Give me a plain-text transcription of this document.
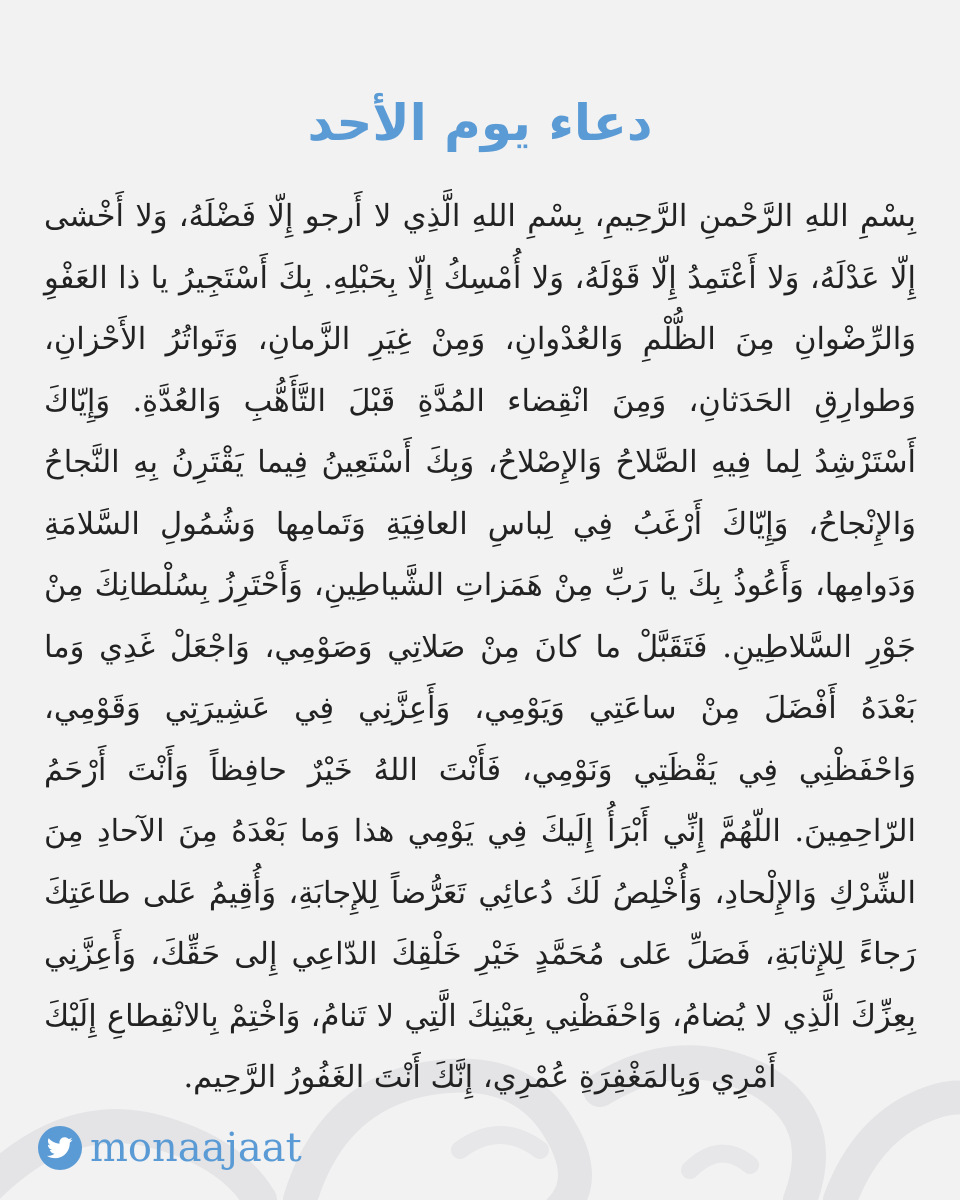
دعاء يوم الأحد

بِسْمِ اللهِ الرَّحْمنِ الرَّحِيمِ، بِسْمِ اللهِ الَّذِي لا أَرجو إِلّا فَضْلَهُ، وَلا أَخْشى إِلّا عَدْلَهُ، وَلا أَعْتَمِدُ إِلّا قَوْلَهُ، وَلا أُمْسِكُ إِلّا بِحَبْلِهِ. بِكَ أَسْتَجِيرُ يا ذا العَفْوِ وَالرِّضْوانِ مِنَ الظُّلْمِ وَالعُدْوانِ، وَمِنْ غِيَرِ الزَّمانِ، وَتَواتُرُ الأَحْزانِ، وَطوارِقِ الحَدَثانِ، وَمِنَ انْقِضاء المُدَّةِ قَبْلَ التَّأَهُّبِ وَالعُدَّةِ. وَإِيّاكَ أَسْتَرْشِدُ لِما فِيهِ الصَّلاحُ وَالإِصْلاحُ، وَبِكَ أَسْتَعِينُ فِيما يَقْتَرِنُ بِهِ النَّجاحُ وَالإِنْجاحُ، وَإِيّاكَ أَرْغَبُ فِي لِباسِ العافِيَةِ وَتَمامِها وَشُمُولِ السَّلامَةِ وَدَوامِها، وَأَعُوذُ بِكَ يا رَبِّ مِنْ هَمَزاتِ الشَّياطِينِ، وَأَحْتَرِزُ بِسُلْطانِكَ مِنْ جَوْرِ السَّلاطِينِ. فَتَقَبَّلْ ما كانَ مِنْ صَلاتِي وَصَوْمِي، وَاجْعَلْ غَدِي وَما بَعْدَهُ أَفْضَلَ مِنْ ساعَتِي وَيَوْمِي، وَأَعِزَّنِي فِي عَشِيرَتِي وَقَوْمِي، وَاحْفَظْنِي فِي يَقْظَتِي وَنَوْمِي، فَأَنْتَ اللهُ خَيْرٌ حافِظاً وَأَنْتَ أَرْحَمُ الرّاحِمِينَ. اللّهُمَّ إِنِّي أَبْرَأُ إِلَيكَ فِي يَوْمِي هذا وَما بَعْدَهُ مِنَ الآحادِ مِنَ الشِّرْكِ وَالإِلْحادِ، وَأُخْلِصُ لَكَ دُعائِي تَعَرُّضاً لِلإِجابَةِ، وَأُقِيمُ عَلى طاعَتِكَ رَجاءً لِلإِثابَةِ، فَصَلِّ عَلى مُحَمَّدٍ خَيْرِ خَلْقِكَ الدّاعِي إِلى حَقِّكَ، وَأَعِزَّنِي بِعِزِّكَ الَّذِي لا يُضامُ، وَاحْفَظْنِي بِعَيْنِكَ الَّتِي لا تَنامُ، وَاخْتِمْ بِالانْقِطاعِ إِلَيْكَ أَمْرِي وَبِالمَغْفِرَةِ عُمْرِي، إِنَّكَ أَنْتَ الغَفُورُ الرَّحِيم.

monaajaat
